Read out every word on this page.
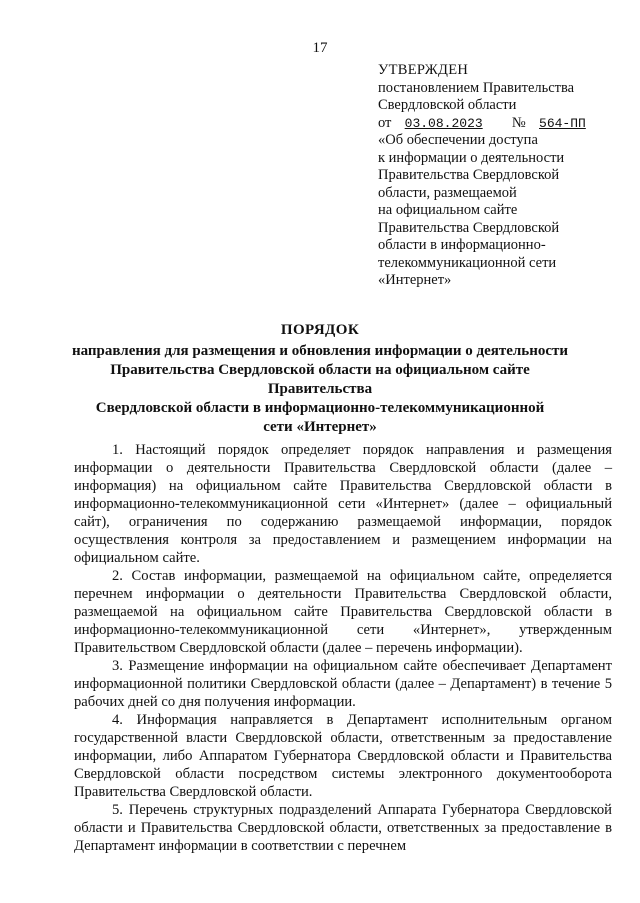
17
УТВЕРЖДЕН
постановлением Правительства
Свердловской области
от 03.08.2023 № 564-ПП
«Об обеспечении доступа
к информации о деятельности
Правительства Свердловской
области, размещаемой
на официальном сайте
Правительства Свердловской
области в информационно-
телекоммуникационной сети
«Интернет»
ПОРЯДОК
направления для размещения и обновления информации о деятельности
Правительства Свердловской области на официальном сайте Правительства
Свердловской области в информационно-телекоммуникационной
сети «Интернет»

1. Настоящий порядок определяет порядок направления и размещения информации о деятельности Правительства Свердловской области (далее – информация) на официальном сайте Правительства Свердловской области в информационно-телекоммуникационной сети «Интернет» (далее – официальный сайт), ограничения по содержанию размещаемой информации, порядок осуществления контроля за предоставлением и размещением информации на официальном сайте.

2. Состав информации, размещаемой на официальном сайте, определяется перечнем информации о деятельности Правительства Свердловской области, размещаемой на официальном сайте Правительства Свердловской области в информационно-телекоммуникационной сети «Интернет», утвержденным Правительством Свердловской области (далее – перечень информации).

3. Размещение информации на официальном сайте обеспечивает Департамент информационной политики Свердловской области (далее – Департамент) в течение 5 рабочих дней со дня получения информации.

4. Информация направляется в Департамент исполнительным органом государственной власти Свердловской области, ответственным за предоставление информации, либо Аппаратом Губернатора Свердловской области и Правительства Свердловской области посредством системы электронного документооборота Правительства Свердловской области.

5. Перечень структурных подразделений Аппарата Губернатора Свердловской области и Правительства Свердловской области, ответственных за предоставление в Департамент информации в соответствии с перечнем
